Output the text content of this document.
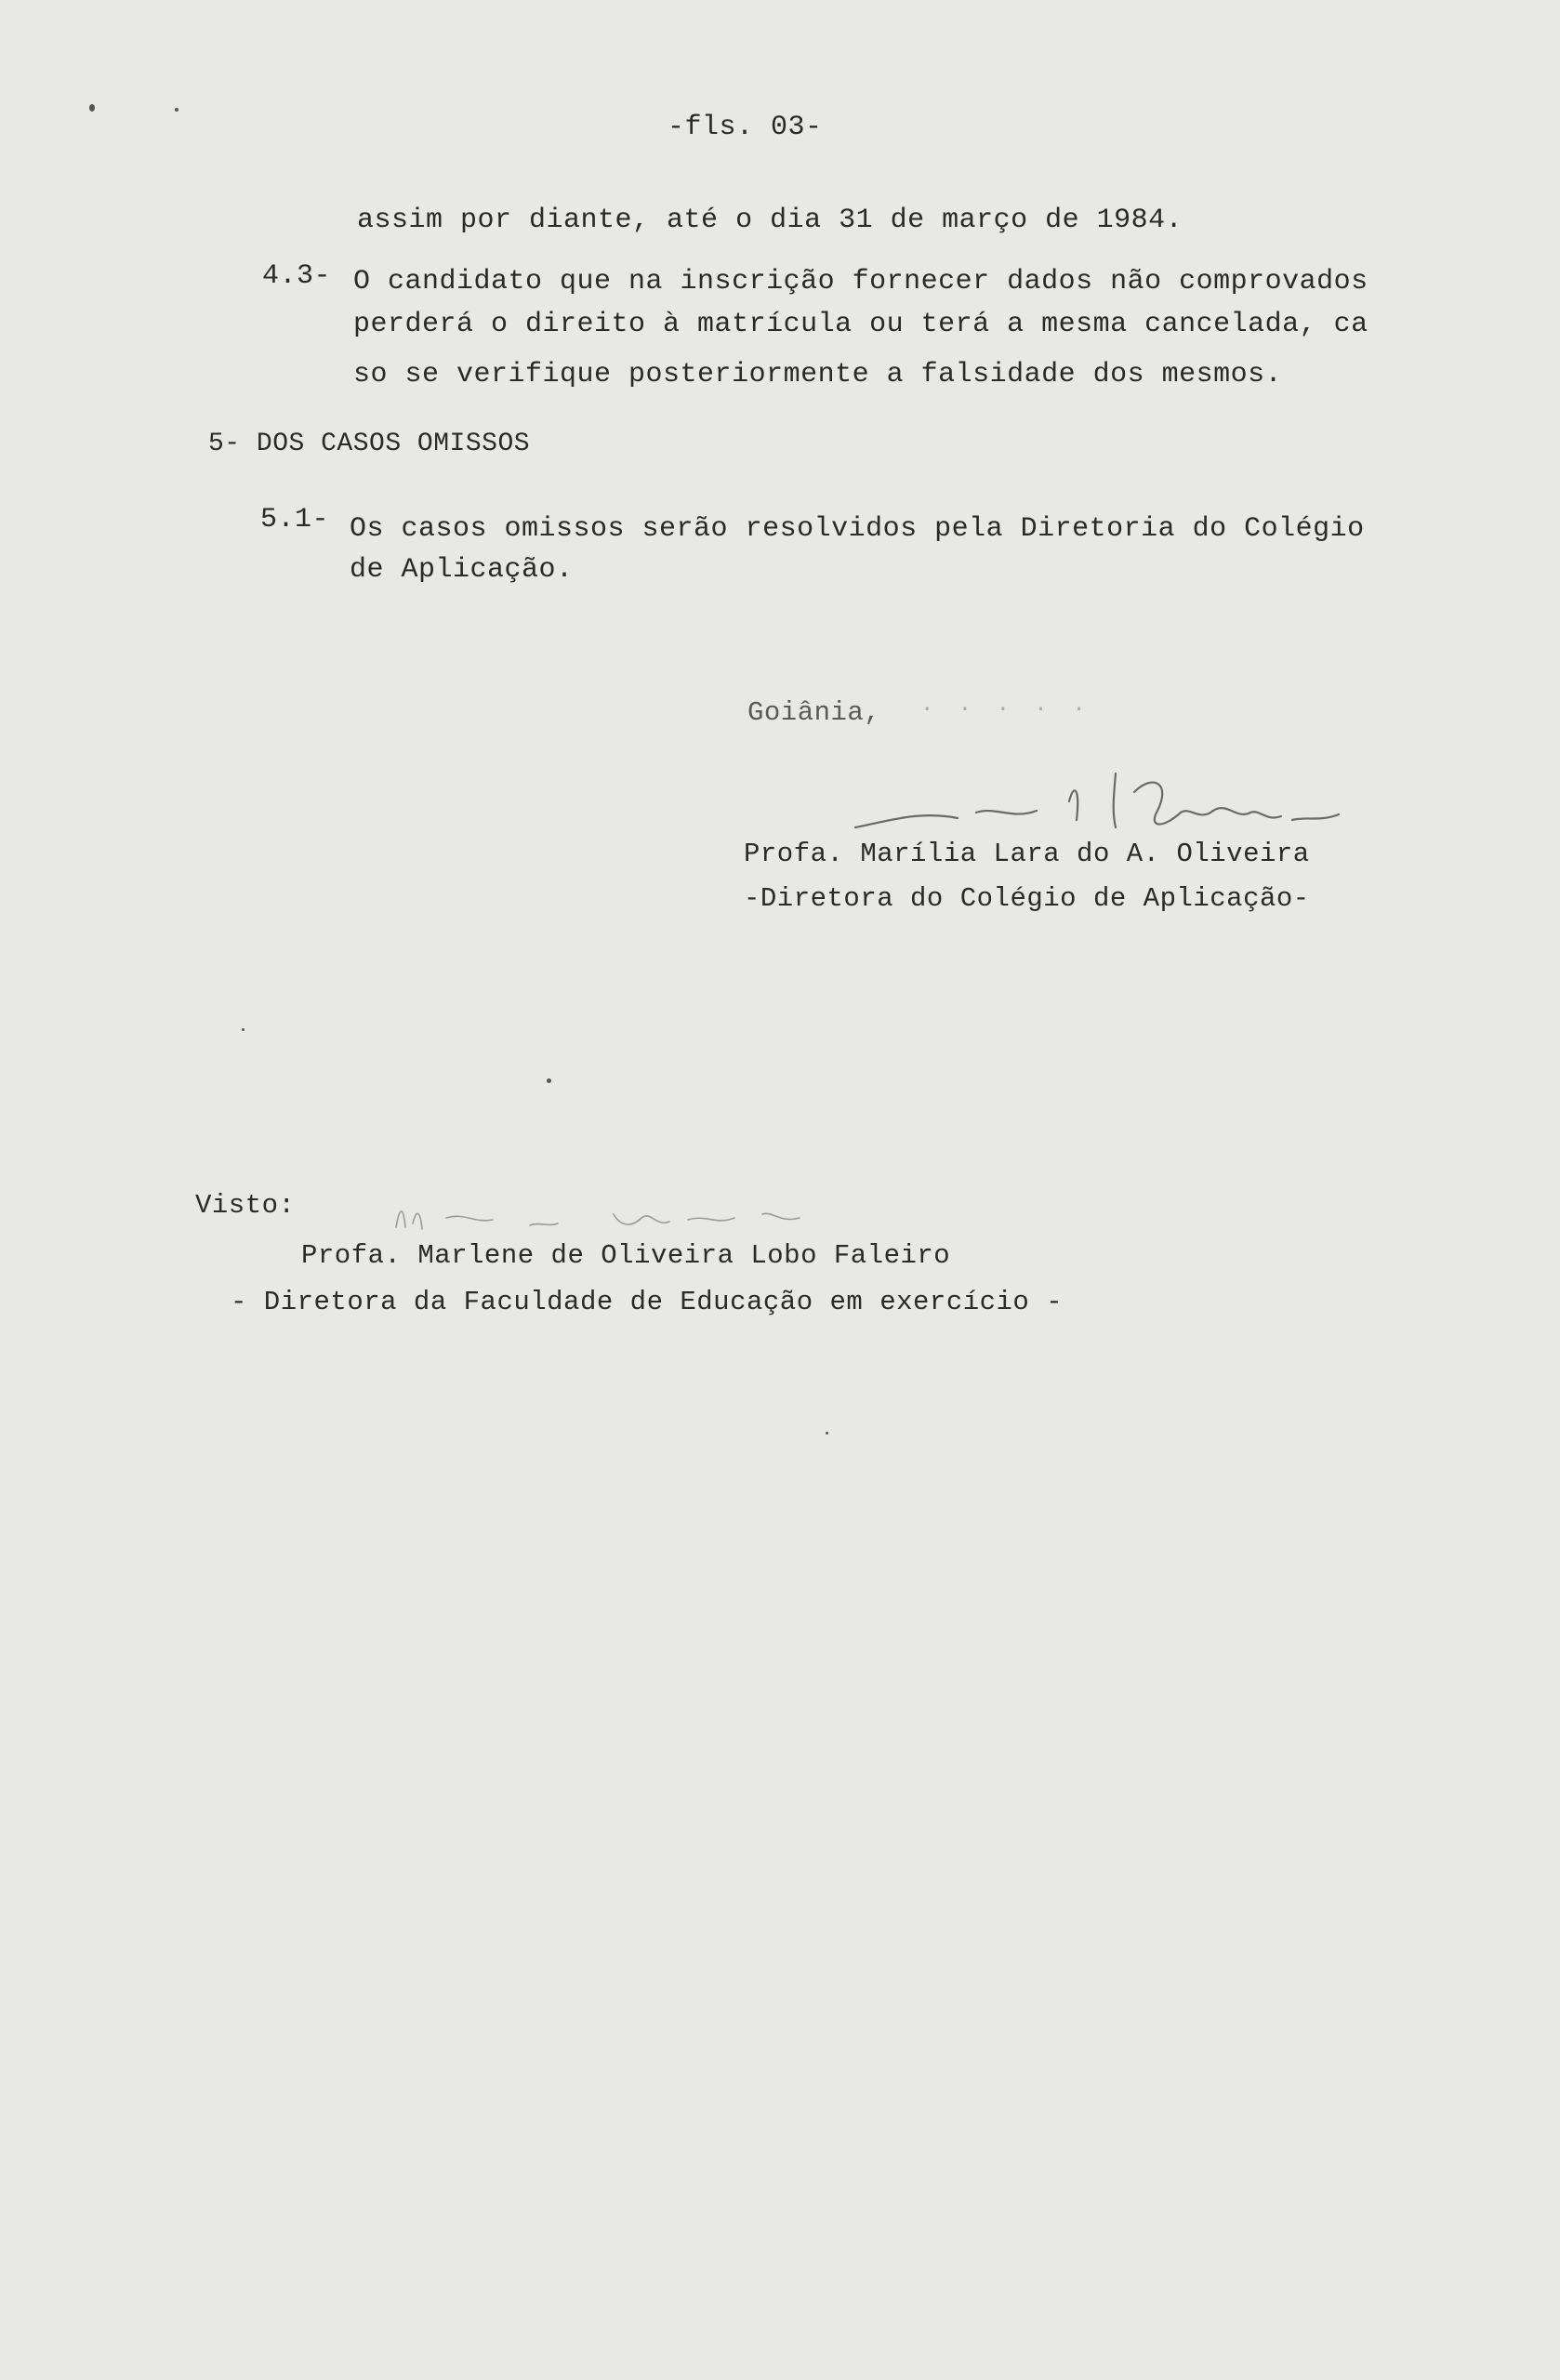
-fls. 03-
assim por diante, até o dia 31 de março de 1984.
4.3- O candidato que na inscrição fornecer dados não comprovados
perderá o direito à matrícula ou terá a mesma cancelada, ca
so se verifique posteriormente a falsidade dos mesmos.
5- DOS CASOS OMISSOS
5.1- Os casos omissos serão resolvidos pela Diretoria do Colégio
de Aplicação.
Goiânia, · · · · ·
Profa. Marília Lara do A. Oliveira
-Diretora do Colégio de Aplicação-
Visto:
Profa. Marlene de Oliveira Lobo Faleiro
- Diretora da Faculdade de Educação em exercício -
